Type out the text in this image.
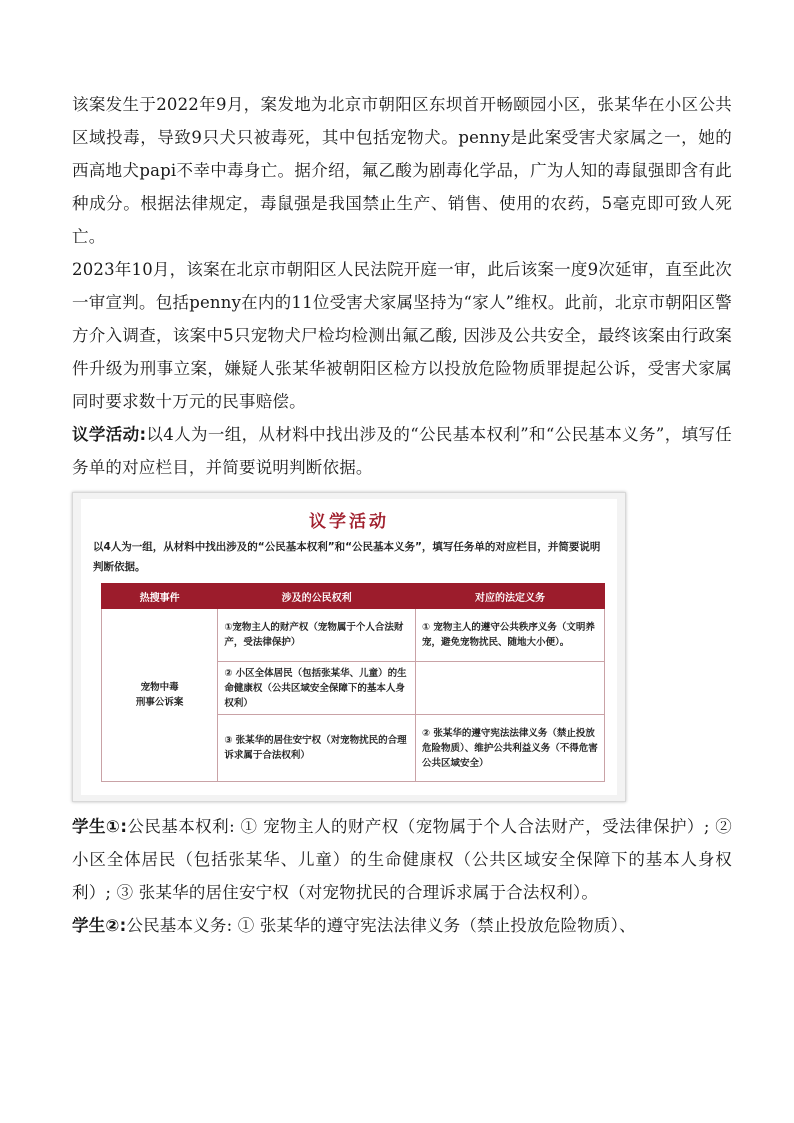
该案发生于2022年9月，案发地为北京市朝阳区东坝首开畅颐园小区，张某华在小区公共区域投毒，导致9只犬只被毒死，其中包括宠物犬。penny是此案受害犬家属之一，她的西高地犬papi不幸中毒身亡。据介绍，氟乙酸为剧毒化学品，广为人知的毒鼠强即含有此种成分。根据法律规定，毒鼠强是我国禁止生产、销售、使用的农药，5毫克即可致人死亡。

2023年10月，该案在北京市朝阳区人民法院开庭一审，此后该案一度9次延审，直至此次一审宣判。包括penny在内的11位受害犬家属坚持为“家人”维权。此前，北京市朝阳区警方介入调查，该案中5只宠物犬尸检均检测出氟乙酸, 因涉及公共安全，最终该案由行政案件升级为刑事立案，嫌疑人张某华被朝阳区检方以投放危险物质罪提起公诉，受害犬家属同时要求数十万元的民事赔偿。

议学活动:以4人为一组，从材料中找出涉及的“公民基本权利”和“公民基本义务”，填写任务单的对应栏目，并简要说明判断依据。

议学活动
以4人为一组，从材料中找出涉及的“公民基本权利”和“公民基本义务”，填写任务单的对应栏目，并简要说明判断依据。
热搜事件	涉及的公民权利	对应的法定义务
宠物中毒
刑事公诉案	①宠物主人的财产权（宠物属于个人合法财产，受法律保护）	① 宠物主人的遵守公共秩序义务（文明养宠，避免宠物扰民、随地大小便）。
	② 小区全体居民（包括张某华、儿童）的生命健康权（公共区域安全保障下的基本人身权利）	
	③ 张某华的居住安宁权（对宠物扰民的合理诉求属于合法权利）	② 张某华的遵守宪法法律义务（禁止投放危险物质）、维护公共利益义务（不得危害公共区域安全）

学生①:公民基本权利: ① 宠物主人的财产权（宠物属于个人合法财产，受法律保护）; ② 小区全体居民（包括张某华、儿童）的生命健康权（公共区域安全保障下的基本人身权利）; ③ 张某华的居住安宁权（对宠物扰民的合理诉求属于合法权利）。

学生②:公民基本义务: ① 张某华的遵守宪法法律义务（禁止投放危险物质）、
